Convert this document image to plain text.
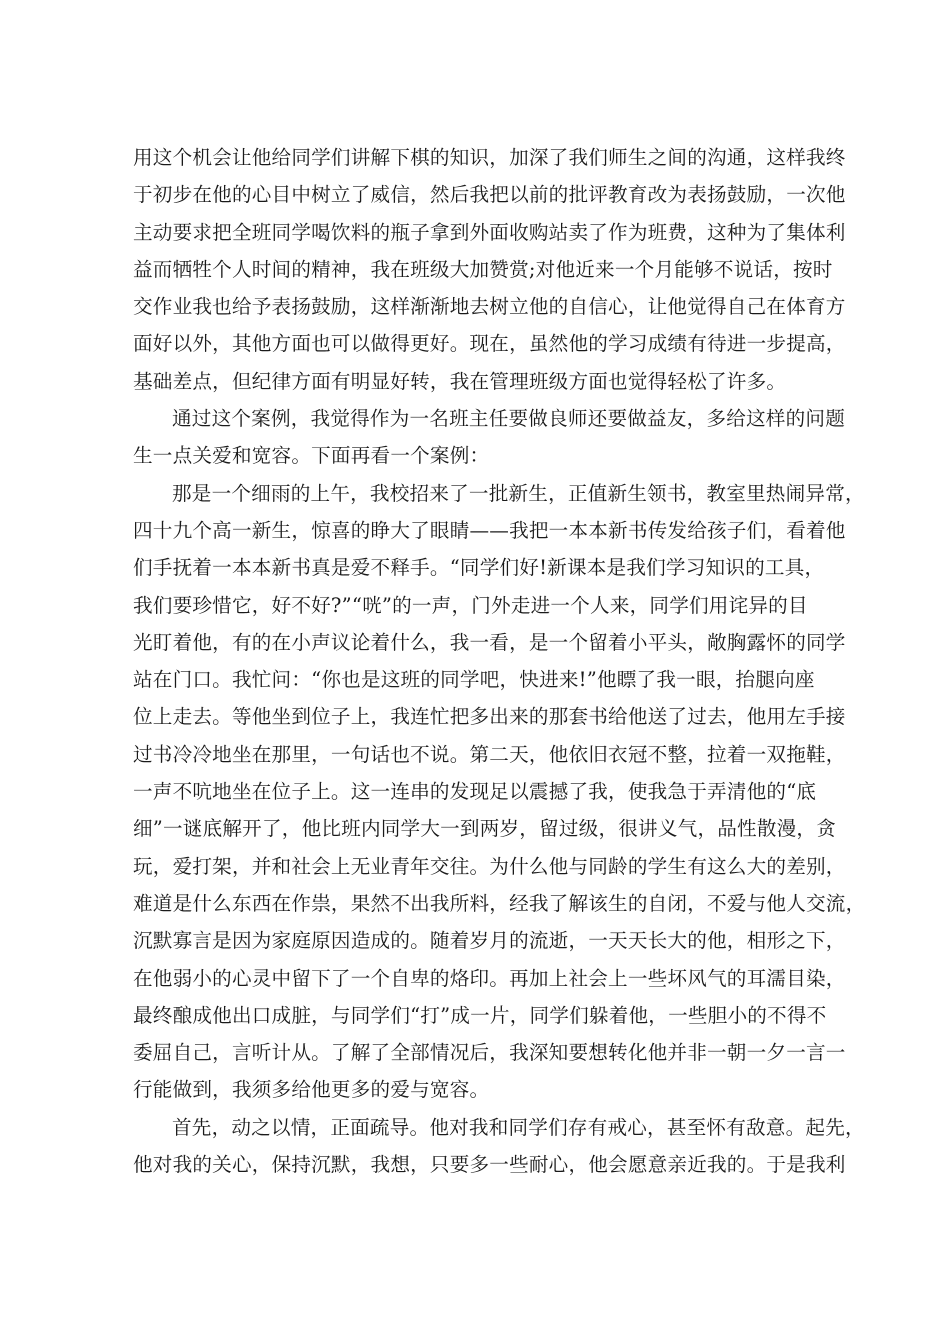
用这个机会让他给同学们讲解下棋的知识，加深了我们师生之间的沟通，这样我终
于初步在他的心目中树立了威信，然后我把以前的批评教育改为表扬鼓励，一次他
主动要求把全班同学喝饮料的瓶子拿到外面收购站卖了作为班费，这种为了集体利
益而牺牲个人时间的精神，我在班级大加赞赏;对他近来一个月能够不说话，按时
交作业我也给予表扬鼓励，这样渐渐地去树立他的自信心，让他觉得自己在体育方
面好以外，其他方面也可以做得更好。现在，虽然他的学习成绩有待进一步提高，
基础差点，但纪律方面有明显好转，我在管理班级方面也觉得轻松了许多。
通过这个案例，我觉得作为一名班主任要做良师还要做益友，多给这样的问题
生一点关爱和宽容。下面再看一个案例：
那是一个细雨的上午，我校招来了一批新生，正值新生领书，教室里热闹异常，
四十九个高一新生，惊喜的睁大了眼睛——我把一本本新书传发给孩子们，看着他
们手抚着一本本新书真是爱不释手。“同学们好!新课本是我们学习知识的工具，
我们要珍惜它，好不好?”“咣”的一声，门外走进一个人来，同学们用诧异的目
光盯着他，有的在小声议论着什么，我一看，是一个留着小平头，敞胸露怀的同学
站在门口。我忙问：“你也是这班的同学吧，快进来!”他瞟了我一眼，抬腿向座
位上走去。等他坐到位子上，我连忙把多出来的那套书给他送了过去，他用左手接
过书冷冷地坐在那里，一句话也不说。第二天，他依旧衣冠不整，拉着一双拖鞋，
一声不吭地坐在位子上。这一连串的发现足以震撼了我，使我急于弄清他的“底
细”一谜底解开了，他比班内同学大一到两岁，留过级，很讲义气，品性散漫，贪
玩，爱打架，并和社会上无业青年交往。为什么他与同龄的学生有这么大的差别，
难道是什么东西在作祟，果然不出我所料，经我了解该生的自闭，不爱与他人交流，
沉默寡言是因为家庭原因造成的。随着岁月的流逝，一天天长大的他，相形之下，
在他弱小的心灵中留下了一个自卑的烙印。再加上社会上一些坏风气的耳濡目染，
最终酿成他出口成脏，与同学们“打”成一片，同学们躲着他，一些胆小的不得不
委屈自己，言听计从。了解了全部情况后，我深知要想转化他并非一朝一夕一言一
行能做到，我须多给他更多的爱与宽容。
首先，动之以情，正面疏导。他对我和同学们存有戒心，甚至怀有敌意。起先，
他对我的关心，保持沉默，我想，只要多一些耐心，他会愿意亲近我的。于是我利
